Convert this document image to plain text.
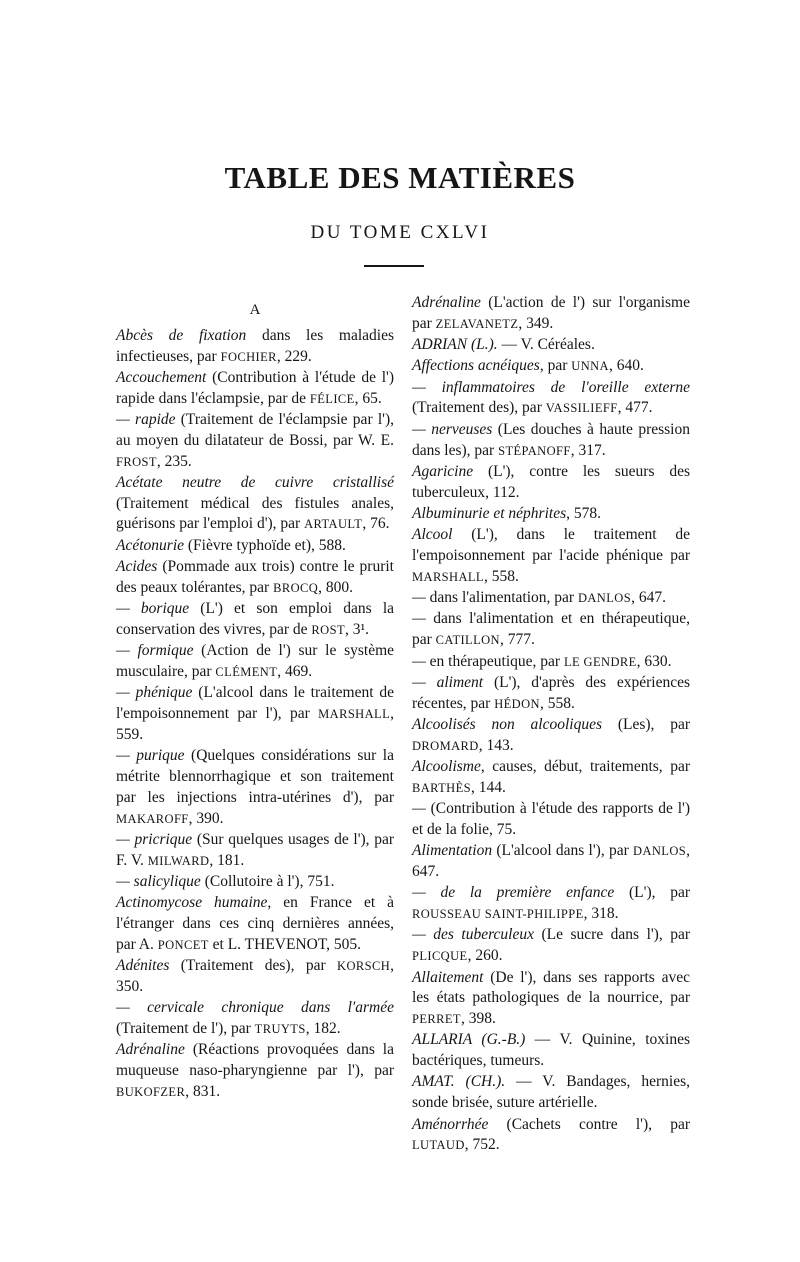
TABLE DES MATIÈRES
DU TOME CXLVI
A
Abcès de fixation dans les maladies infectieuses, par FOCHIER, 229.
Accouchement (Contribution à l'étude de l') rapide dans l'éclampsie, par de FÉLICE, 65.
— rapide (Traitement de l'éclampsie par l'), au moyen du dilatateur de Bossi, par W. E. FROST, 235.
Acétate neutre de cuivre cristallisé (Traitement médical des fistules anales, guérisons par l'emploi d'), par ARTAULT, 76.
Acétonurie (Fièvre typhoïde et), 588.
Acides (Pommade aux trois) contre le prurit des peaux tolérantes, par BROCQ, 800.
— borique (L') et son emploi dans la conservation des vivres, par de ROST, 3¹.
— formique (Action de l') sur le système musculaire, par CLÉMENT, 469.
— phénique (L'alcool dans le traitement de l'empoisonnement par l'), par MARSHALL, 559.
— purique (Quelques considérations sur la métrite blennorrhagique et son traitement par les injections intra-utérines d'), par MAKAROFF, 390.
— pricrique (Sur quelques usages de l'), par F. V. MILWARD, 181.
— salicylique (Collutoire à l'), 751.
Actinomycose humaine, en France et à l'étranger dans ces cinq dernières années, par A. PONCET et L. THEVENOT, 505.
Adénites (Traitement des), par KORSCH, 350.
— cervicale chronique dans l'armée (Traitement de l'), par TRUYTS, 182.
Adrénaline (Réactions provoquées dans la muqueuse naso-pharyngienne par l'), par BUKOFZER, 831.
Adrénaline (L'action de l') sur l'organisme par ZELAVANETZ, 349.
ADRIAN (L.). — V. Céréales.
Affections acnéiques, par UNNA, 640.
— inflammatoires de l'oreille externe (Traitement des), par VASSILIEFF, 477.
— nerveuses (Les douches à haute pression dans les), par STÉPANOFF, 317.
Agaricine (L'), contre les sueurs des tuberculeux, 112.
Albuminurie et néphrites, 578.
Alcool (L'), dans le traitement de l'empoisonnement par l'acide phénique par MARSHALL, 558.
— dans l'alimentation, par DANLOS, 647.
— dans l'alimentation et en thérapeutique, par CATILLON, 777.
— en thérapeutique, par LE GENDRE, 630.
— aliment (L'), d'après des expériences récentes, par HÉDON, 558.
Alcoolisés non alcooliques (Les), par DROMARD, 143.
Alcoolisme, causes, début, traitements, par BARTHÈS, 144.
— (Contribution à l'étude des rapports de l') et de la folie, 75.
Alimentation (L'alcool dans l'), par DANLOS, 647.
— de la première enfance (L'), par ROUSSEAU SAINT-PHILIPPE, 318.
— des tuberculeux (Le sucre dans l'), par PLICQUE, 260.
Allaitement (De l'), dans ses rapports avec les états pathologiques de la nourrice, par PERRET, 398.
ALLARIA (G.-B.) — V. Quinine, toxines bactériques, tumeurs.
AMAT. (CH.). — V. Bandages, hernies, sonde brisée, suture artérielle.
Aménorrhée (Cachets contre l'), par LUTAUD, 752.
